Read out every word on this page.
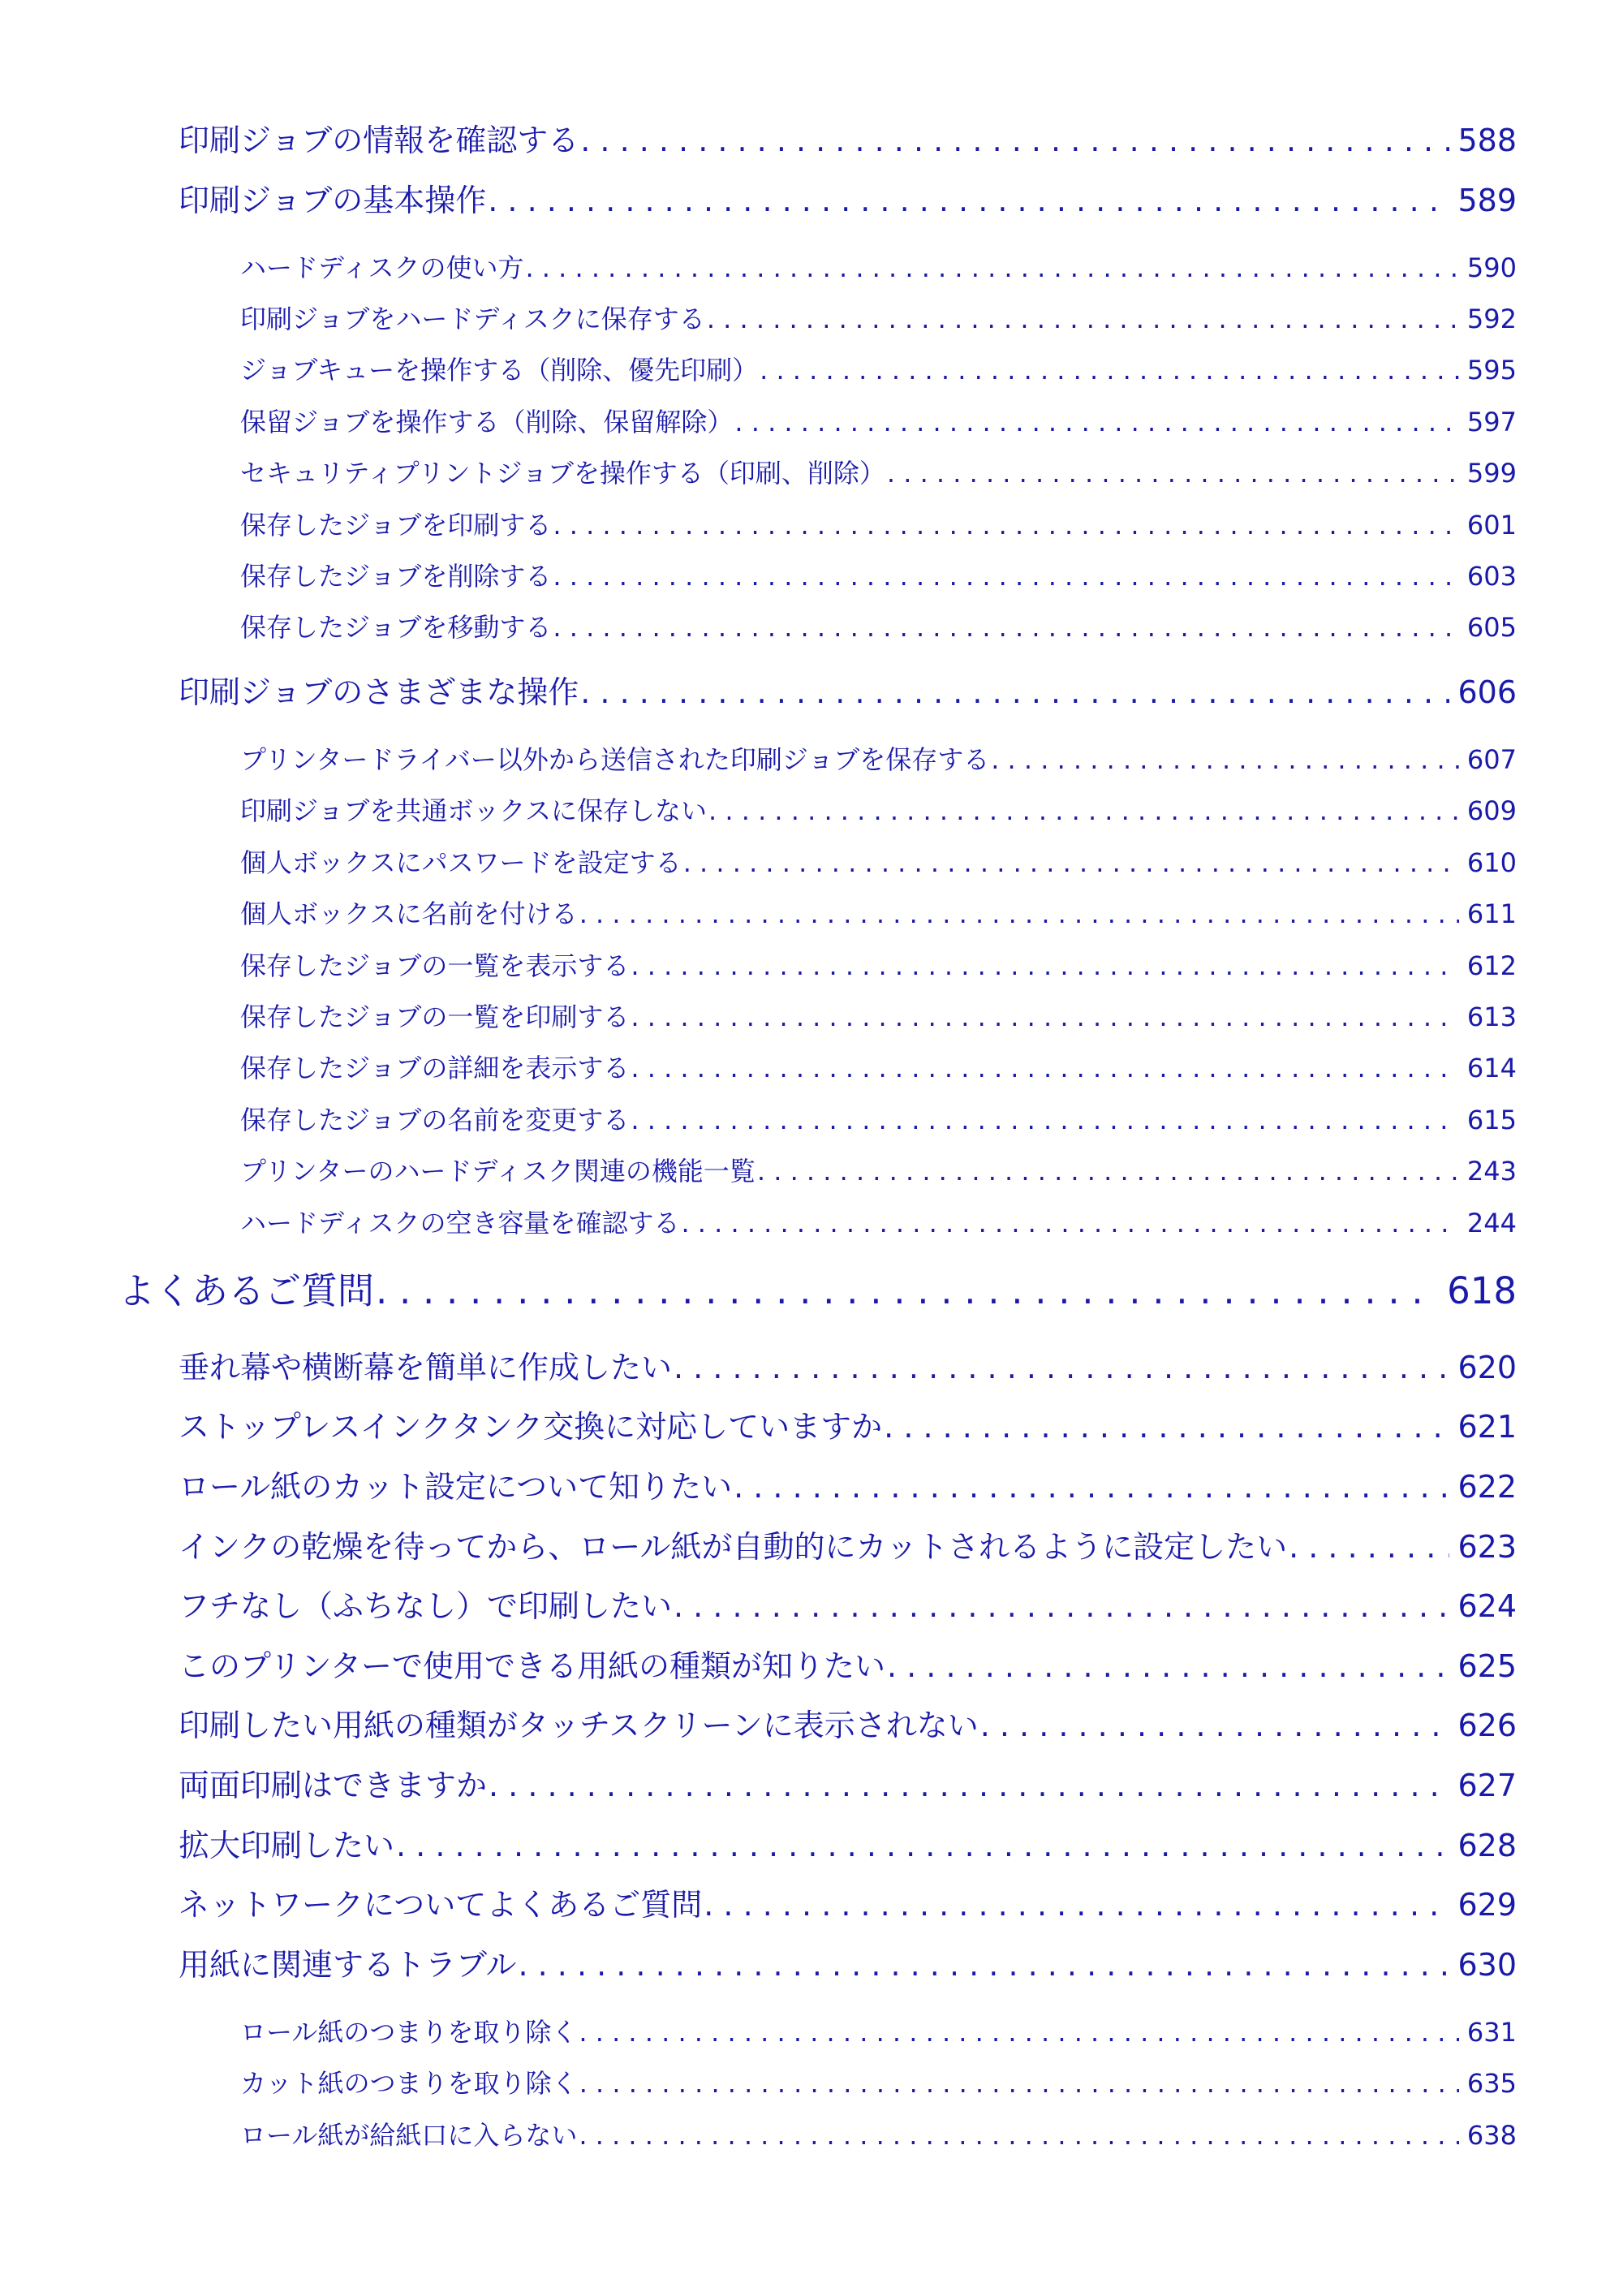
印刷ジョブの情報を確認する . . .	588
印刷ジョブの基本操作 . . .	589
ハードディスクの使い方 . . .	590
印刷ジョブをハードディスクに保存する . . .	592
ジョブキューを操作する（削除、優先印刷） . . .	595
保留ジョブを操作する（削除、保留解除） . . .	597
セキュリティプリントジョブを操作する（印刷、削除） . . .	599
保存したジョブを印刷する . . .	601
保存したジョブを削除する . . .	603
保存したジョブを移動する . . .	605
印刷ジョブのさまざまな操作 . . .	606
プリンタードライバー以外から送信された印刷ジョブを保存する . . .	607
印刷ジョブを共通ボックスに保存しない . . .	609
個人ボックスにパスワードを設定する . . .	610
個人ボックスに名前を付ける . . .	611
保存したジョブの一覧を表示する . . .	612
保存したジョブの一覧を印刷する . . .	613
保存したジョブの詳細を表示する . . .	614
保存したジョブの名前を変更する . . .	615
プリンターのハードディスク関連の機能一覧 . . .	243
ハードディスクの空き容量を確認する . . .	244
よくあるご質問 . . .	618
垂れ幕や横断幕を簡単に作成したい . . .	620
ストップレスインクタンク交換に対応していますか . . .	621
ロール紙のカット設定について知りたい . . .	622
インクの乾燥を待ってから、ロール紙が自動的にカットされるように設定したい . . .	623
フチなし（ふちなし）で印刷したい . . .	624
このプリンターで使用できる用紙の種類が知りたい . . .	625
印刷したい用紙の種類がタッチスクリーンに表示されない . . .	626
両面印刷はできますか . . .	627
拡大印刷したい . . .	628
ネットワークについてよくあるご質問 . . .	629
用紙に関連するトラブル . . .	630
ロール紙のつまりを取り除く . . .	631
カット紙のつまりを取り除く . . .	635
ロール紙が給紙口に入らない . . .	638
